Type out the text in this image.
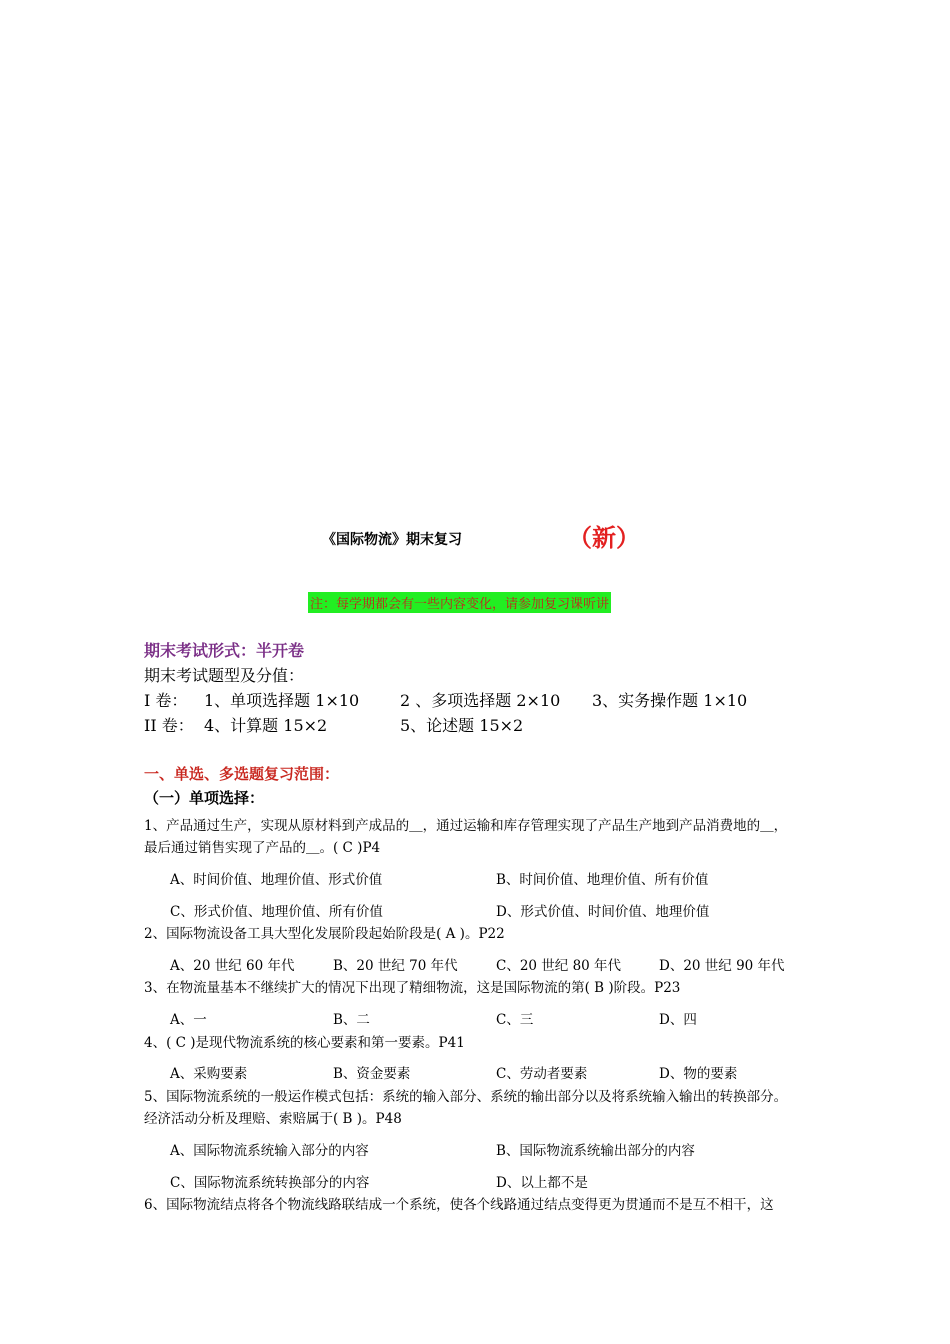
《国际物流》期末复习	（新）
注：每学期都会有一些内容变化，请参加复习课听讲
期末考试形式：半开卷
期末考试题型及分值：
I 卷： 1、单项选择题 1×10	2 、多项选择题 2×10 3、实务操作题 1×10
II 卷： 4、计算题 15×2	5、论述题 15×2
一、单选、多选题复习范围：
（一）单项选择：
1、产品通过生产，实现从原材料到产成品的＿，通过运输和库存管理实现了产品生产地到产品消费地的＿，
最后通过销售实现了产品的＿。( C )P4
A、时间价值、地理价值、形式价值	B、时间价值、地理价值、所有价值
C、形式价值、地理价值、所有价值	D、形式价值、时间价值、地理价值
2、国际物流设备工具大型化发展阶段起始阶段是( A )。P22
A、20 世纪 60 年代	B、20 世纪 70 年代	C、20 世纪 80 年代	D、20 世纪 90 年代
3、在物流量基本不继续扩大的情况下出现了精细物流，这是国际物流的第( B )阶段。P23
A、一	B、二	C、三	D、四
4、( C )是现代物流系统的核心要素和第一要素。P41
A、采购要素	B、资金要素	C、劳动者要素	D、物的要素
5、国际物流系统的一般运作模式包括：系统的输入部分、系统的输出部分以及将系统输入输出的转换部分。
经济活动分析及理赔、索赔属于( B )。P48
A、国际物流系统输入部分的内容	B、国际物流系统输出部分的内容
C、国际物流系统转换部分的内容	D、以上都不是
6、国际物流结点将各个物流线路联结成一个系统，使各个线路通过结点变得更为贯通而不是互不相干，这
